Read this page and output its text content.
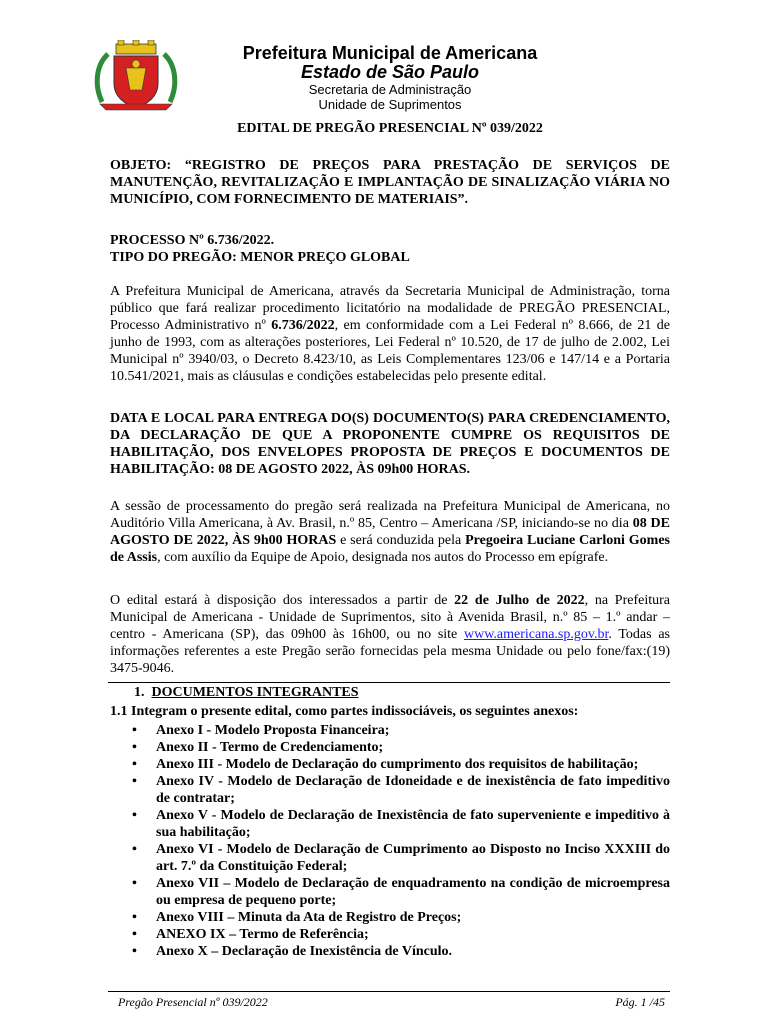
Prefeitura Municipal de Americana
Estado de São Paulo
Secretaria de Administração
Unidade de Suprimentos
EDITAL DE PREGÃO PRESENCIAL Nº 039/2022
OBJETO: “REGISTRO DE PREÇOS PARA PRESTAÇÃO DE SERVIÇOS DE MANUTENÇÃO, REVITALIZAÇÃO E IMPLANTAÇÃO DE SINALIZAÇÃO VIÁRIA NO MUNICÍPIO, COM FORNECIMENTO DE MATERIAIS”.
PROCESSO Nº 6.736/2022.
TIPO DO PREGÃO: MENOR PREÇO GLOBAL
A Prefeitura Municipal de Americana, através da Secretaria Municipal de Administração, torna público que fará realizar procedimento licitatório na modalidade de PREGÃO PRESENCIAL, Processo Administrativo nº 6.736/2022, em conformidade com a Lei Federal nº 8.666, de 21 de junho de 1993, com as alterações posteriores, Lei Federal nº 10.520, de 17 de julho de 2.002, Lei Municipal nº 3940/03, o Decreto 8.423/10, as Leis Complementares 123/06 e 147/14 e a Portaria 10.541/2021, mais as cláusulas e condições estabelecidas pelo presente edital.
DATA E LOCAL PARA ENTREGA DO(S) DOCUMENTO(S) PARA CREDENCIAMENTO, DA DECLARAÇÃO DE QUE A PROPONENTE CUMPRE OS REQUISITOS DE HABILITAÇÃO, DOS ENVELOPES PROPOSTA DE PREÇOS E DOCUMENTOS DE HABILITAÇÃO: 08 DE AGOSTO 2022, ÀS 09h00 HORAS.
A sessão de processamento do pregão será realizada na Prefeitura Municipal de Americana, no Auditório Villa Americana, à Av. Brasil, n.º 85, Centro – Americana /SP, iniciando-se no dia 08 DE AGOSTO DE 2022, ÀS 9h00 HORAS e será conduzida pela Pregoeira Luciane Carloni Gomes de Assis, com auxílio da Equipe de Apoio, designada nos autos do Processo em epígrafe.
O edital estará à disposição dos interessados a partir de 22 de Julho de 2022, na Prefeitura Municipal de Americana - Unidade de Suprimentos, sito à Avenida Brasil, n.º 85 – 1.º andar – centro - Americana (SP), das 09h00 às 16h00, ou no site www.americana.sp.gov.br. Todas as informações referentes a este Pregão serão fornecidas pela mesma Unidade ou pelo fone/fax:(19) 3475-9046.
1. DOCUMENTOS INTEGRANTES
1.1 Integram o presente edital, como partes indissociáveis, os seguintes anexos:
• Anexo I - Modelo Proposta Financeira;
• Anexo II - Termo de Credenciamento;
• Anexo III - Modelo de Declaração do cumprimento dos requisitos de habilitação;
• Anexo IV - Modelo de Declaração de Idoneidade e de inexistência de fato impeditivo de contratar;
• Anexo V - Modelo de Declaração de Inexistência de fato superveniente e impeditivo à sua habilitação;
• Anexo VI - Modelo de Declaração de Cumprimento ao Disposto no Inciso XXXIII do art. 7.º da Constituição Federal;
• Anexo VII – Modelo de Declaração de enquadramento na condição de microempresa ou empresa de pequeno porte;
• Anexo VIII – Minuta da Ata de Registro de Preços;
• ANEXO IX – Termo de Referência;
• Anexo X – Declaração de Inexistência de Vínculo.
Pregão Presencial nº 039/2022	Pág. 1 /45
